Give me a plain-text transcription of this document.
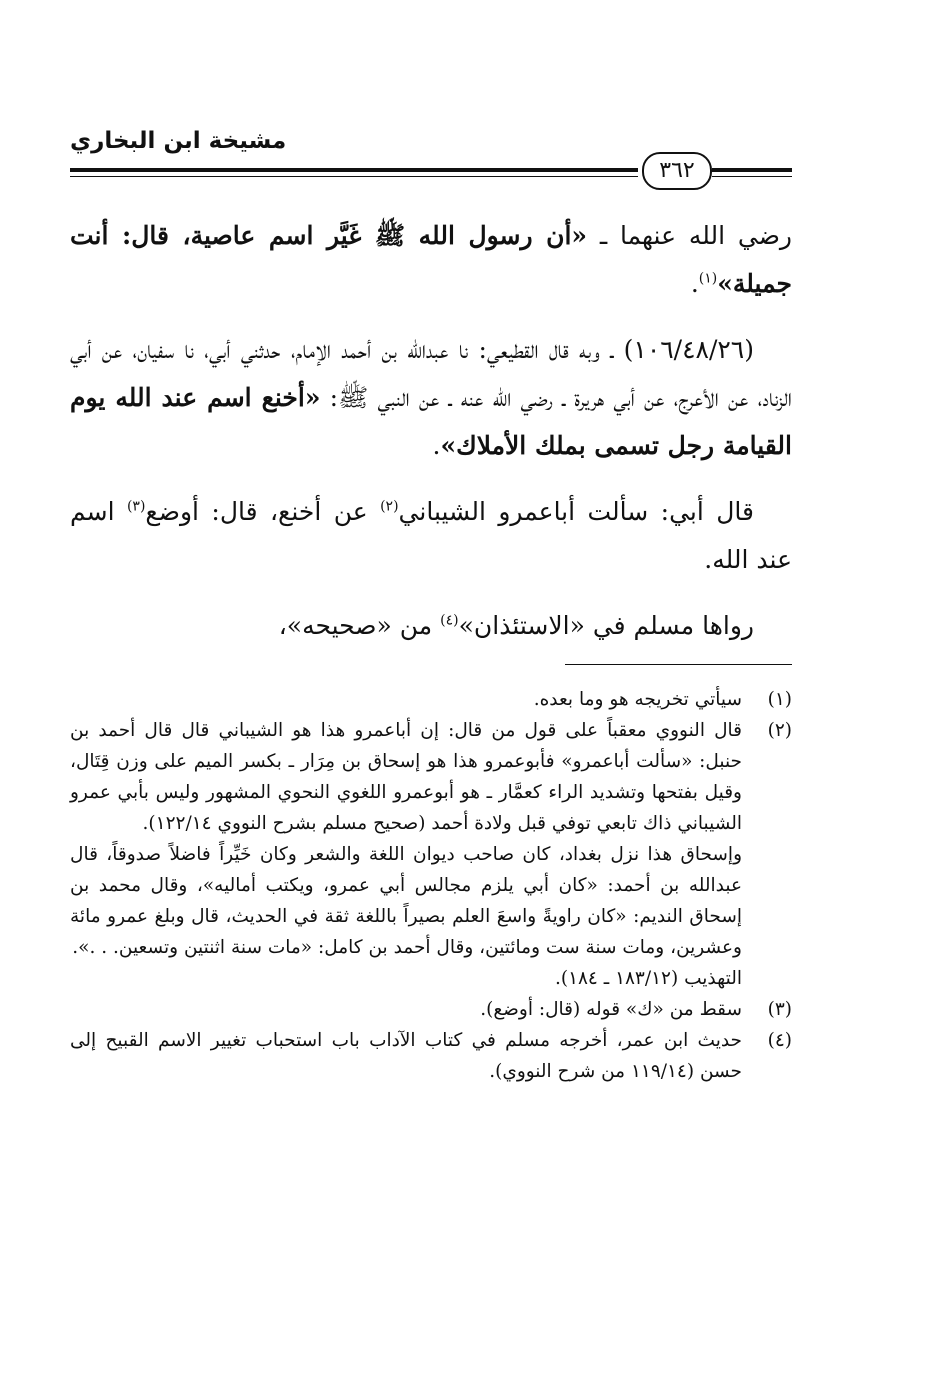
مشيخة ابن البخاري
٣٦٢

رضي الله عنهما ـ «أن رسول الله ﷺ غَيَّر اسم عاصية، قال: أنت جميلة»$^{(١)}$.

(١٠٦/٤٨/٢٦) ـ وبه قال القطيعي: نا عبدالله بن أحمد الإمام، حدثني أبي، نا سفيان، عن أبي الزناد، عن الأعرج، عن أبي هريرة ـ رضي الله عنه ـ عن النبي ﷺ: «أخنع اسم عند الله يوم القيامة رجل تسمى بملك الأملاك».

قال أبي: سألت أباعمرو الشيباني$^{(٢)}$ عن أخنع، قال: أوضع$^{(٣)}$ اسم عند الله.

رواها مسلم في «الاستئذان»$^{(٤)}$ من «صحيحه»،

(١)

سيأتي تخريجه هو وما بعده.

(٢)

قال النووي معقباً على قول من قال: إن أباعمرو هذا هو الشيباني قال قال أحمد بن حنبل: «سألت أباعمرو» فأبوعمرو هذا هو إسحاق بن مِرَار ـ بكسر الميم على وزن قِتَال، وقيل بفتحها وتشديد الراء كعمَّار ـ هو أبوعمرو اللغوي النحوي المشهور وليس بأبي عمرو الشيباني ذاك تابعي توفي قبل ولادة أحمد (صحيح مسلم بشرح النووي ١٢٢/١٤).

وإسحاق هذا نزل بغداد، كان صاحب ديوان اللغة والشعر وكان خَيِّراً فاضلاً صدوقاً، قال عبدالله بن أحمد: «كان أبي يلزم مجالس أبي عمرو، ويكتب أماليه»، وقال محمد بن إسحاق النديم: «كان راويةً واسعَ العلم بصيراً باللغة ثقة في الحديث، قال وبلغ عمرو مائة وعشرين، ومات سنة ست ومائتين، وقال أحمد بن كامل: «مات سنة اثنتين وتسعين. . .».

التهذيب (١٨٣/١٢ ـ ١٨٤).

(٣)

سقط من «ك» قوله (قال: أوضع).

(٤)

حديث ابن عمر، أخرجه مسلم في كتاب الآداب باب استحباب تغيير الاسم القبيح إلى حسن (١١٩/١٤ من شرح النووي).
